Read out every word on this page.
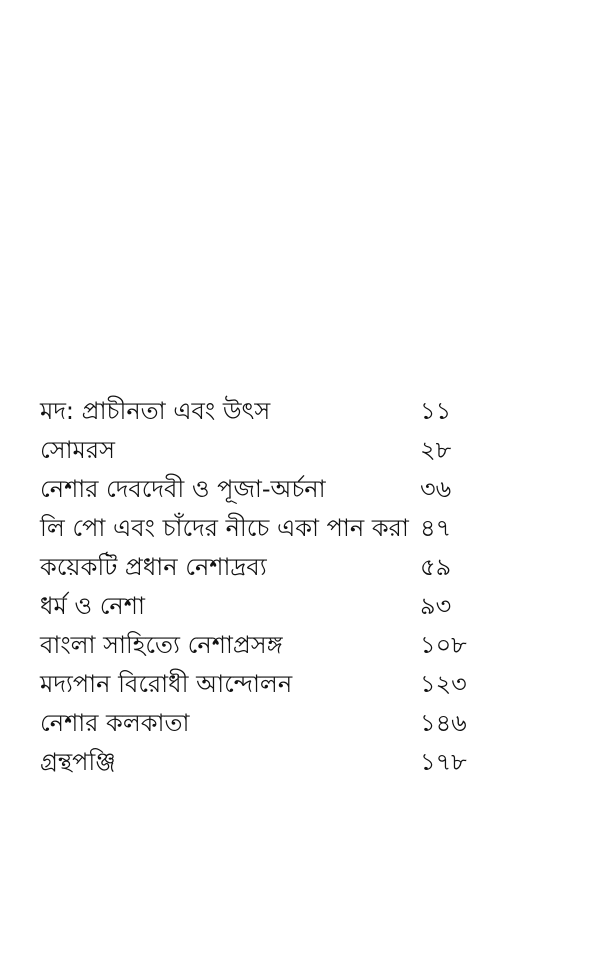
মদ: প্রাচীনতা এবং উৎস	১১
সোমরস	২৮
নেশার দেবদেবী ও পূজা-অর্চনা	৩৬
লি পো এবং চাঁদের নীচে একা পান করা ৪৭
কয়েকটি প্রধান নেশাদ্রব্য	৫৯
ধর্ম ও নেশা	৯৩
বাংলা সাহিত্যে নেশাপ্রসঙ্গ	১০৮
মদ্যপান বিরোধী আন্দোলন	১২৩
নেশার কলকাতা	১৪৬
গ্রন্থপঞ্জি	১৭৮
